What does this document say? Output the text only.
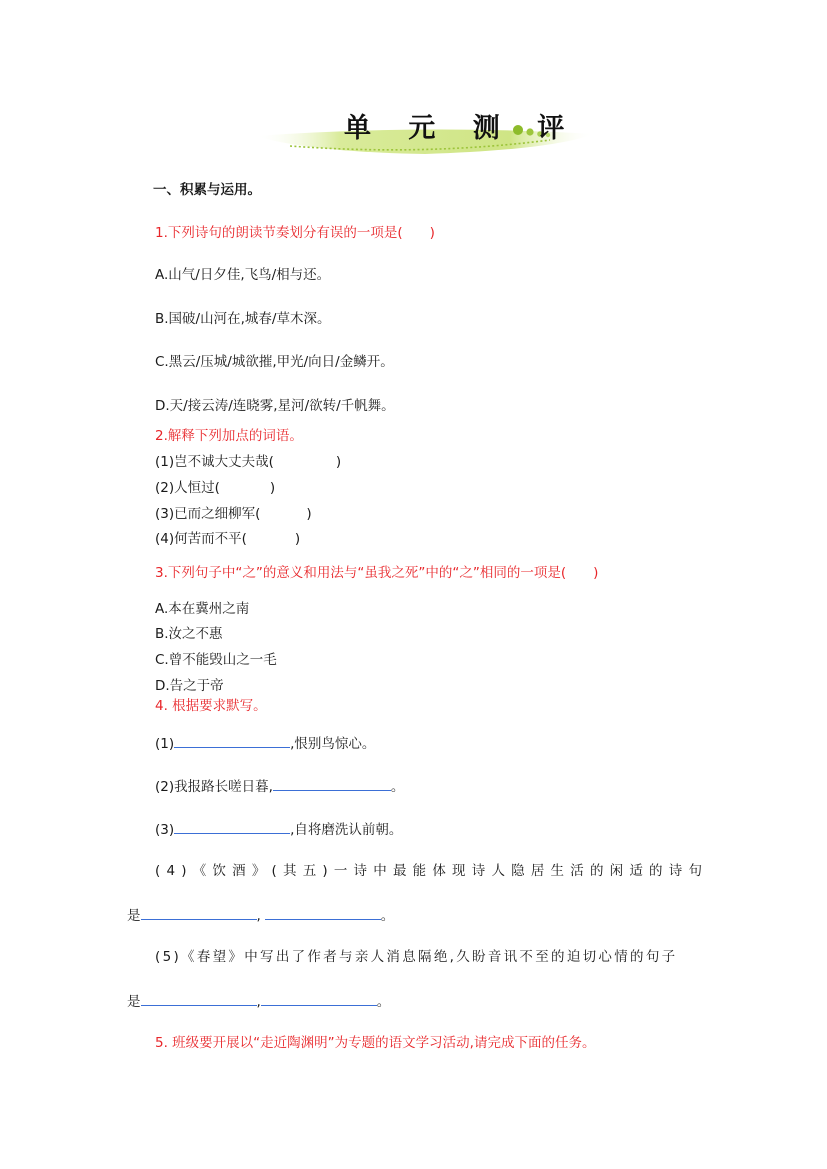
单 元 测 评
一、积累与运用。
1.下列诗句的朗读节奏划分有误的一项是(　　)
A.山气/日夕佳,飞鸟/相与还。
B.国破/山河在,城春/草木深。
C.黑云/压城/城欲摧,甲光/向日/金鳞开。
D.天/接云涛/连晓雾,星河/欲转/千帆舞。
2.解释下列加点的词语。
(1)岂不诚大丈夫哉(	)
(2)人恒过(	)
(3)已而之细柳军(	)
(4)何苦而不平(	)
3.下列句子中“之”的意义和用法与“虽我之死”中的“之”相同的一项是(　　)
A.本在冀州之南
B.汝之不惠
C.曾不能毁山之一毛
D.告之于帝
4. 根据要求默写。
(1)	,恨别鸟惊心。
(2)我报路长嗟日暮,	。
(3)	,自将磨洗认前朝。
(4)《饮酒》(其五)一诗中最能体现诗人隐居生活的闲适的诗句
是	,	。
(5)《春望》中写出了作者与亲人消息隔绝,久盼音讯不至的迫切心情的句子
是	,	。
5. 班级要开展以“走近陶渊明”为专题的语文学习活动,请完成下面的任务。
